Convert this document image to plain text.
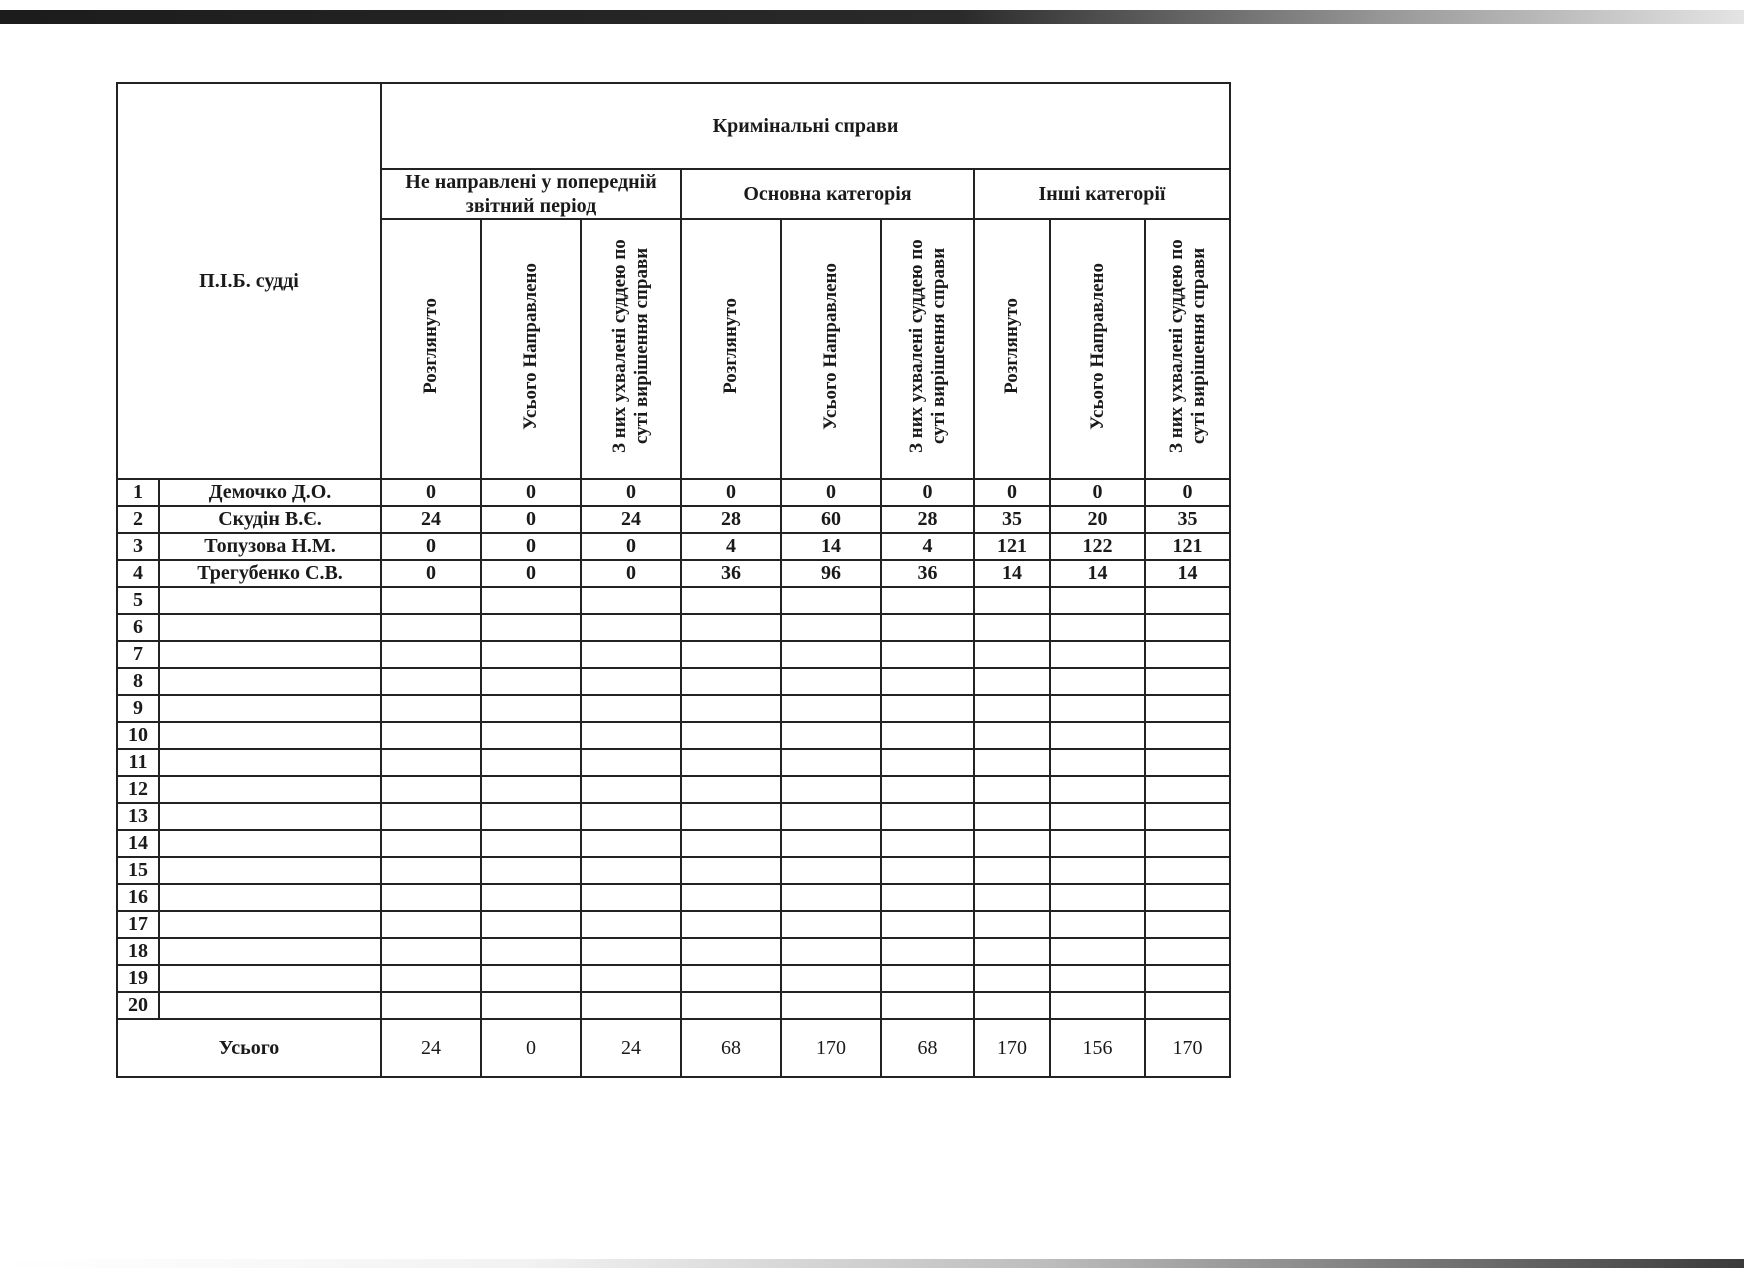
П.І.Б. судді		Кримінальні справи								
		Не направлені у попередній звітний період			Основна категорія			Інші категорії		
		Розглянуто	Усього Направлено	З них ухвалені суддею по суті вирішення справи	Розглянуто	Усього Направлено	З них ухвалені суддею по суті вирішення справи	Розглянуто	Усього Направлено	З них ухвалені суддею по суті вирішення справи
1	Демочко Д.О.	0	0	0	0	0	0	0	0	0
2	Скудін В.Є.	24	0	24	28	60	28	35	20	35
3	Топузова Н.М.	0	0	0	4	14	4	121	122	121
4	Трегубенко С.В.	0	0	0	36	96	36	14	14	14
5										
6										
7										
8										
9										
10										
11										
12										
13										
14										
15										
16										
17										
18										
19										
20										
Усього		24	0	24	68	170	68	170	156	170
